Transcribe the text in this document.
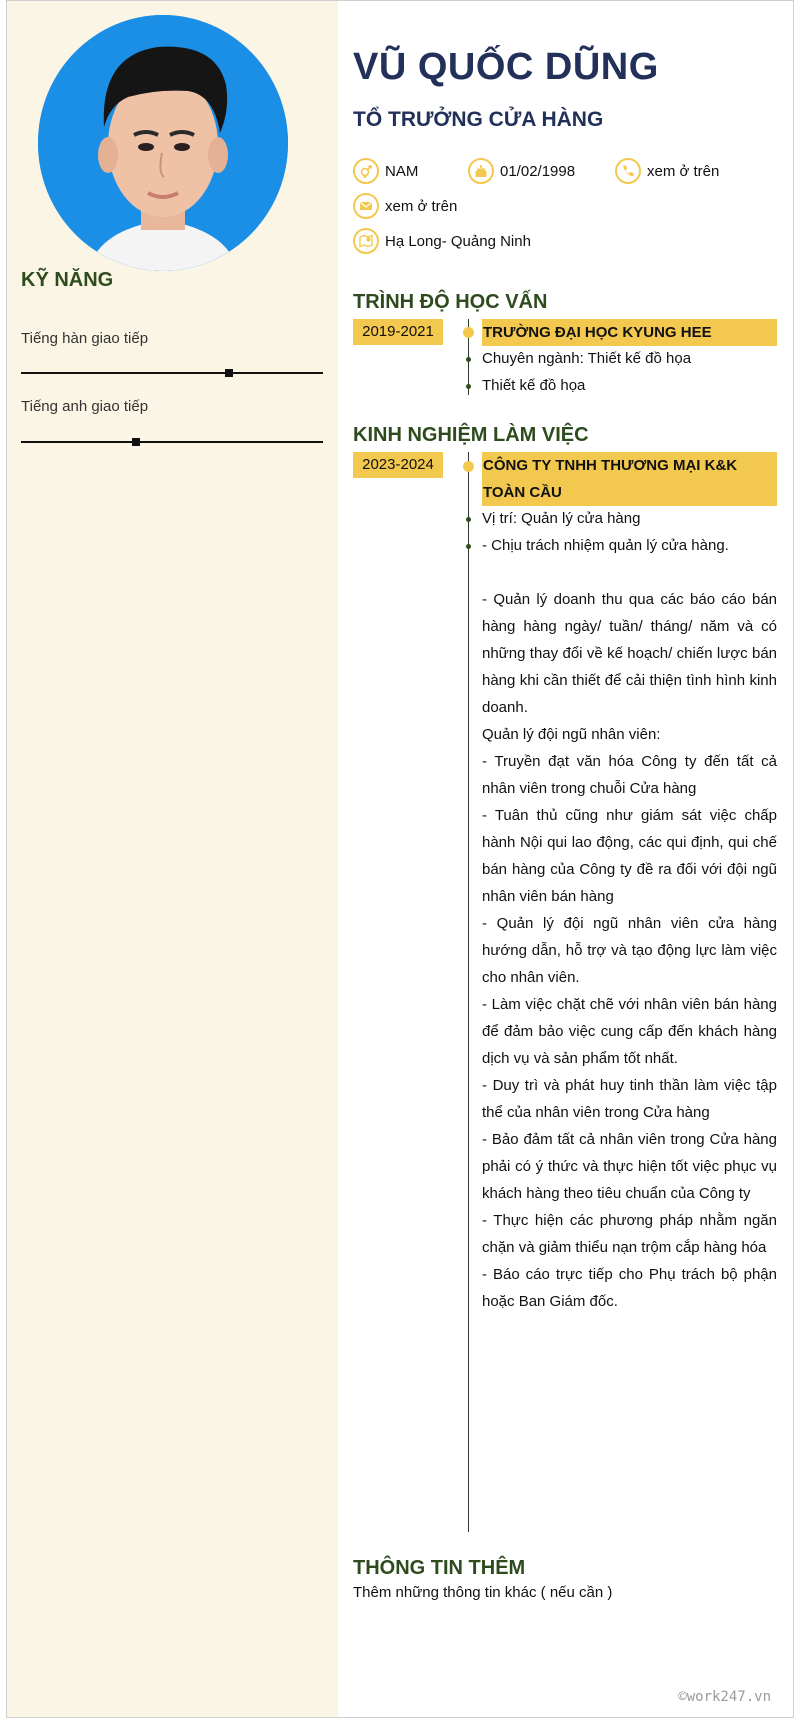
KỸ NĂNG
Tiếng hàn giao tiếp
Tiếng anh giao tiếp
VŨ QUỐC DŨNG
TỔ TRƯỞNG CỬA HÀNG
NAM	01/02/1998	xem ở trên
xem ở trên
Hạ Long- Quảng Ninh
TRÌNH ĐỘ HỌC VẤN
2019-2021	TRƯỜNG ĐẠI HỌC KYUNG HEE
Chuyên ngành: Thiết kế đồ họa
Thiết kế đồ họa
KINH NGHIỆM LÀM VIỆC
2023-2024	CÔNG TY TNHH THƯƠNG MẠI K&K TOÀN CẦU
Vị trí: Quản lý cửa hàng
- Chịu trách nhiệm quản lý cửa hàng.

- Quản lý doanh thu qua các báo cáo bán hàng hàng ngày/ tuần/ tháng/ năm và có những thay đổi về kế hoạch/ chiến lược bán hàng khi cần thiết để cải thiện tình hình kinh doanh.

Quản lý đội ngũ nhân viên:

- Truyền đạt văn hóa Công ty đến tất cả nhân viên trong chuỗi Cửa hàng

- Tuân thủ cũng như giám sát việc chấp hành Nội qui lao động, các qui định, qui chế bán hàng của Công ty đề ra đối với đội ngũ nhân viên bán hàng

- Quản lý đội ngũ nhân viên cửa hàng hướng dẫn, hỗ trợ và tạo động lực làm việc cho nhân viên.

- Làm việc chặt chẽ với nhân viên bán hàng để đảm bảo việc cung cấp đến khách hàng dịch vụ và sản phẩm tốt nhất.

- Duy trì và phát huy tinh thần làm việc tập thể của nhân viên trong Cửa hàng

- Bảo đảm tất cả nhân viên trong Cửa hàng phải có ý thức và thực hiện tốt việc phục vụ khách hàng theo tiêu chuẩn của Công ty

- Thực hiện các phương pháp nhằm ngăn chặn và giảm thiểu nạn trộm cắp hàng hóa

- Báo cáo trực tiếp cho Phụ trách bộ phận hoặc Ban Giám đốc.

THÔNG TIN THÊM
Thêm những thông tin khác ( nếu cần )
©work247.vn
